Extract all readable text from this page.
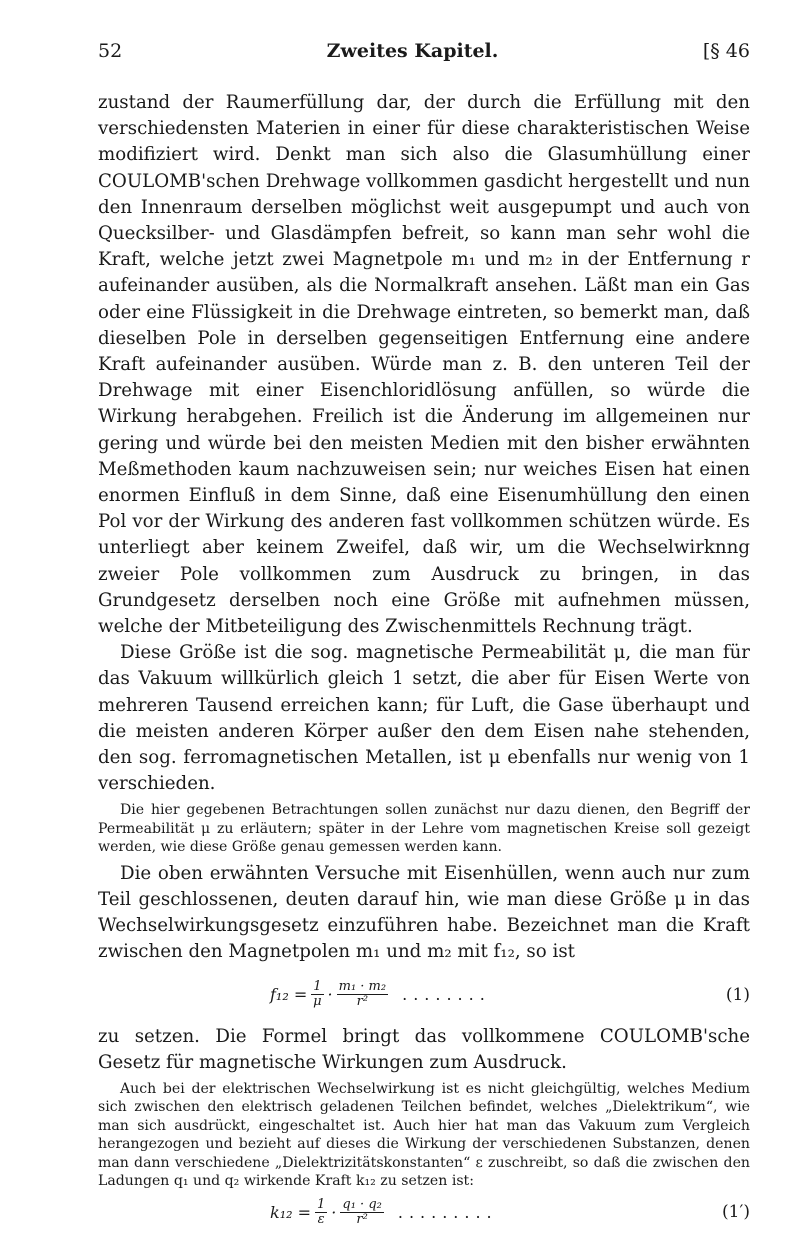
52	Zweites Kapitel.	[§ 46

zustand der Raumerfüllung dar, der durch die Erfüllung mit den verschiedensten Materien in einer für diese charakteristischen Weise modifiziert wird. Denkt man sich also die Glasumhüllung einer COULOMB'schen Drehwage vollkommen gasdicht hergestellt und nun den Innenraum derselben möglichst weit ausgepumpt und auch von Quecksilber- und Glasdämpfen befreit, so kann man sehr wohl die Kraft, welche jetzt zwei Magnetpole m₁ und m₂ in der Entfernung r aufeinander ausüben, als die Normalkraft ansehen. Läßt man ein Gas oder eine Flüssigkeit in die Drehwage eintreten, so bemerkt man, daß dieselben Pole in derselben gegenseitigen Entfernung eine andere Kraft aufeinander ausüben. Würde man z. B. den unteren Teil der Drehwage mit einer Eisenchloridlösung anfüllen, so würde die Wirkung herabgehen. Freilich ist die Änderung im allgemeinen nur gering und würde bei den meisten Medien mit den bisher erwähnten Meßmethoden kaum nachzuweisen sein; nur weiches Eisen hat einen enormen Einfluß in dem Sinne, daß eine Eisenumhüllung den einen Pol vor der Wirkung des anderen fast vollkommen schützen würde. Es unterliegt aber keinem Zweifel, daß wir, um die Wechselwirknng zweier Pole vollkommen zum Ausdruck zu bringen, in das Grundgesetz derselben noch eine Größe mit aufnehmen müssen, welche der Mitbeteiligung des Zwischenmittels Rechnung trägt.

Diese Größe ist die sog. magnetische Permeabilität μ, die man für das Vakuum willkürlich gleich 1 setzt, die aber für Eisen Werte von mehreren Tausend erreichen kann; für Luft, die Gase überhaupt und die meisten anderen Körper außer den dem Eisen nahe stehenden, den sog. ferromagnetischen Metallen, ist μ ebenfalls nur wenig von 1 verschieden.

Die hier gegebenen Betrachtungen sollen zunächst nur dazu dienen, den Begriff der Permeabilität μ zu erläutern; später in der Lehre vom magnetischen Kreise soll gezeigt werden, wie diese Größe genau gemessen werden kann.

Die oben erwähnten Versuche mit Eisenhüllen, wenn auch nur zum Teil geschlossenen, deuten darauf hin, wie man diese Größe μ in das Wechselwirkungsgesetz einzuführen habe. Bezeichnet man die Kraft zwischen den Magnetpolen m₁ und m₂ mit f₁₂, so ist

$f_{12} = \frac{1}{\mu} \cdot \frac{\text{m₁ · m₂}}{\text{r²}}$ ........	(1)

zu setzen. Die Formel bringt das vollkommene COULOMB'sche Gesetz für magnetische Wirkungen zum Ausdruck.

Auch bei der elektrischen Wechselwirkung ist es nicht gleichgültig, welches Medium sich zwischen den elektrisch geladenen Teilchen befindet, welches „Dielektrikum“, wie man sich ausdrückt, eingeschaltet ist. Auch hier hat man das Vakuum zum Vergleich herangezogen und bezieht auf dieses die Wirkung der verschiedenen Substanzen, denen man dann verschiedene „Dielektrizitätskonstanten“ ε zuschreibt, so daß die zwischen den Ladungen q₁ und q₂ wirkende Kraft k₁₂ zu setzen ist:

$k_{12} = \frac{1}{\varepsilon} \cdot \frac{\text{q₁ · q₂}}{\text{r²}}$ .........	(1′)
